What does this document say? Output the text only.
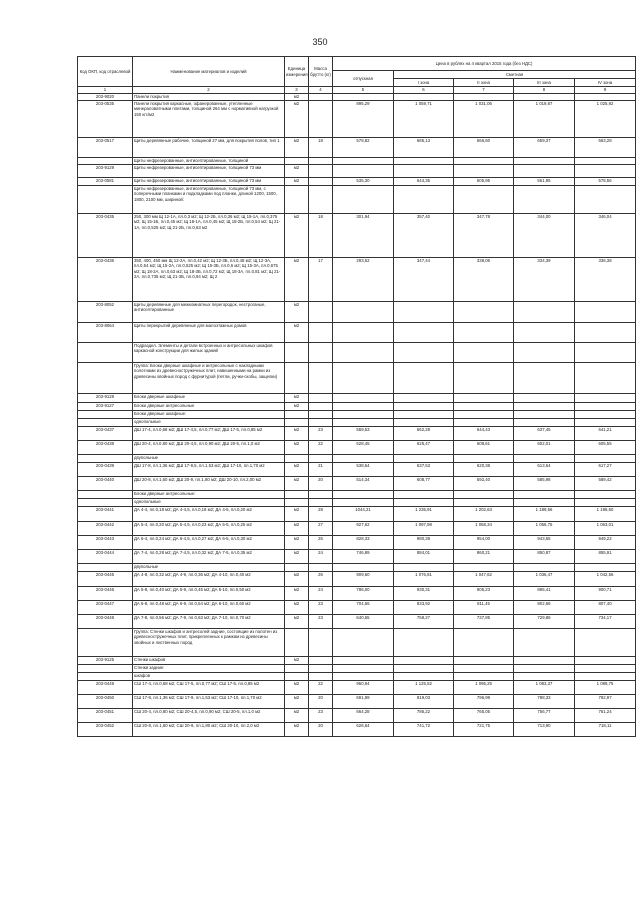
350
Код ОКП, код отраслевой	Наименование материалов и изделий	Единица измерения	Масса брутто (кг)	Цена в рублях на 4 квартал 2015 года (без НДС)				
				отпускная	Сметная			
					I зона	II зона	III зона	IV зона
1	2	3	4	5	6	7	8	9
203-9020	Панели покрытия	м2						
203-0535	Панели покрытия каркасные, офанерованные, утепленные минераловатными плитами, толщиной 264 мм с нормативной нагрузкой 150 кгс/м2	м2		895,29	1 059,71	1 031,06	1 019,87	1 025,92
203-0517	Щиты деревянные рабочие, толщиной 27 мм, для покрытия полов, тип 1	м2	18	578,82	685,13	666,60	659,37	663,28
	Щиты нефрезерованные, антисептированные, толщиной							
203-9129	Щиты нефрезерованные, антисептированные, толщиной 73 мм	м2						
203-0581	Щиты нефрезерованные, антисептированные, толщиной 73 мм	м2		535,30	644,35	605,95	561,95	578,56
	Щиты нефрезерованные, антисептированные, толщиной 73 мм, с поперечными планками и подкладками под планки, длиной 1200, 1500, 1800, 2100 мм, шириной:							
203-0435	250, 300 мм Щ 12-1А, пл.0,3 м2; Щ 12-2Б, пл.0,36 м2; Щ 15-1А, пл.0,375 м2; Щ 15-1Б, пл.0,45 м2; Щ 18-1А, пл.0,45 м2; Щ 18-2Б, пл.0,54 м2; Щ 21-1А, пл.0,525 м2; Щ 21-2Б, пл.0,63 м2	м2	18	301,94	357,40	347,78	344,00	346,04
203-0436	350, 400, 450 мм Щ 12-2А, пл.0,42 м2; Щ 12-3Б, пл.0,48 м2; Щ 12-3А, пл.0,54 м2; Щ 15-2А, пл.0,525 м2; Щ 15-3Б, пл.0,6 м2; Щ 15-3А, пл.0,675 м2; Щ 18-2А, пл.0,63 м2; Щ 18-3Б, пл.0,72 м2; Щ 18-3А, пл.0,81 м2; Щ 21-2А, пл.0,735 м2; Щ 21-3Б, пл.0,84 м2; Щ 2	м2	17	293,52	347,44	338,06	334,39	336,38
203-8052	Щиты деревянные для межкомнатных перегородок, нестроганые, антисептированные	м2						
203-8064	Щиты перекрытий деревянные для малоэтажных домов	м2						
	Подраздел. Элементы и детали встроенных и антресольных шкафов каркасной конструкции для жилых зданий							
	Группа: Блоки дверные шкафные и антресольные с накладными полотнами из древесностружечных плит, навешенными на рамки из древесины хвойных пород с фурнитурой (петли, ручки-скобы, защелки)							
203-9128	Блоки дверные шкафные	м2						
203-9127	Блоки дверные антресольные	м2						
	Блоки дверные шкафные:							
	однопольные							
203-0437	ДШ 17-4, пл.0,68 м2; ДШ 17-4,5, пл.0,77 м2; ДШ 17-5, пл.0,85 м2	м2	23	559,53	662,28	644,43	637,45	641,21
203-0438	ДШ 20-4, пл.0,80 м2; ДШ 20-4,5, пл.0,90 м2; ДШ 20-5, пл.1,0 м2	м2	22	528,45	625,47	608,61	602,01	605,55
	двупольные							
203-0439	ДШ 17-8, пл.1,36 м2; ДШ 17-9,5, пл.1,53 м2; ДШ 17-10, пл.1,70 м2	м2	21	538,64	637,53	620,38	613,64	617,27
203-0440	ДШ 20-8, пл.1,60 м2; ДШ 20-9, пл.1,80 м2; ДШ 20-10, пл.2,00 м2	м2	20	514,34	608,77	592,40	585,98	589,42
	Блоки дверные антресольные:							
	однопольные							
203-0441	ДА 4-4, пл.0,18 м2; ДА 4-4,5, пл.0,18 м2; ДА 4-5, пл.0,20 м2	м2	28	1044,21	1 235,91	1 202,63	1 189,56	1 196,60
203-0442	ДА 5-4, пл.0,20 м2; ДА 5-4,5, пл.0,23 м2; ДА 5-5, пл.0,25 м2	м2	27	927,62	1 097,98	1 068,34	1 056,75	1 063,01
203-0443	ДА 6-4, пл.0,24 м2; ДА 6-4,5, пл.0,27 м2; ДА 6-5, пл.0,30 м2	м2	26	828,33	980,39	954,00	943,65	949,22
203-0444	ДА 7-4, пл.0,28 м2; ДА 7-4,5, пл.0,32 м2; ДА 7-5, пл.0,35 м2	м2	24	746,89	884,01	860,21	850,87	855,91
	двупольные							
203-0445	ДА 4-8, пл.0,32 м2; ДА 4-9, пл.0,36 м2; ДА 4-10, пл.0,40 м2	м2	26	909,60	1 076,81	1 047,62	1 036,47	1 042,56
203-0446	ДА 5-8, пл.0,40 м2; ДА 5-9, пл.0,45 м2; ДА 5-10, пл.0,50 м2	м2	24	786,00	930,31	905,23	895,41	900,71
203-0447	ДА 6-8, пл.0,48 м2; ДА 6-9, пл.0,54 м2; ДА 6-10, пл.0,60 м2	м2	23	704,56	833,92	811,45	802,66	807,40
203-0448	ДА 7-8, пл.0,56 м2; ДА 7-9, пл.0,63 м2; ДА 7-10, пл.0,70 м2	м2	23	640,65	758,27	737,85	729,86	734,17
	Группа: Стенки шкафов и антресолей задние, состоящие из полотен из древесностружечных плит, прикрепленных к рамкам из древесины хвойных и лиственных пород							
203-9125	Стенки шкафов	м2						
	Стенки задние:							
	шкафов							
203-0449	СШ 17-4, пл.0,68 м2; СШ 17-5, пл.0,77 м2; СШ 17-5, пл.0,85 м2	м2	22	950,94	1 125,52	1 095,25	1 083,37	1 089,75
203-0450	СШ 17-8, пл.1,36 м2; СШ 17-9, пл.1,53 м2; СШ 17-10, пл.1,70 м2	м2	20	691,99	819,03	796,99	788,33	792,97
203-0451	СШ 20-4, пл.0,80 м2; СШ 20-4,5, пл.0,90 м2; СШ 20-5, пл.1,0 м2	м2	23	664,28	786,22	765,05	756,77	761,24
203-0452	СШ 20-8, пл.1,60 м2; СШ 20-9, пл.1,80 м2; СШ 20-10, пл.2,0 м2	м2	20	626,64	741,72	721,75	713,90	718,11
